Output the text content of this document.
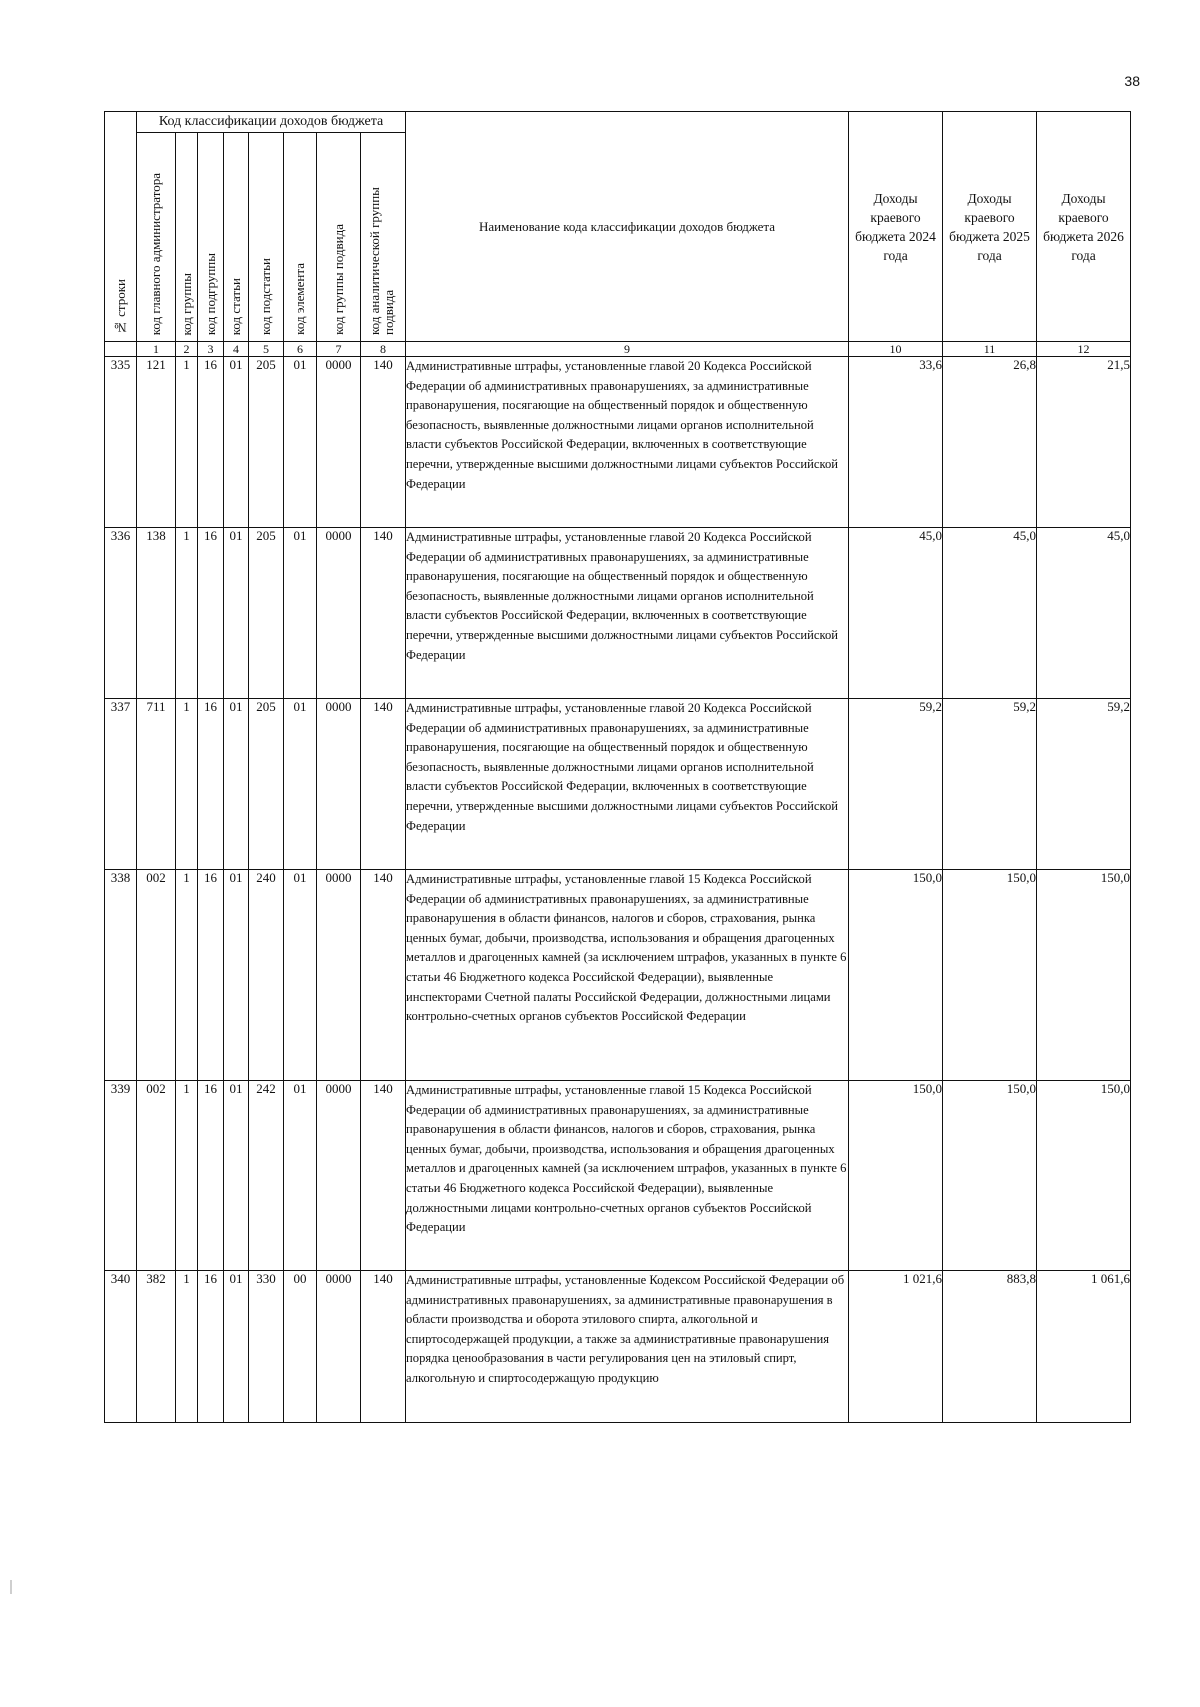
38
№ строки	Код классификации доходов бюджета								Наименование кода классификации доходов бюджета	Доходы краевого бюджета 2024 года	Доходы краевого бюджета 2025 года	Доходы краевого бюджета 2026 года

	код главного администратора	код группы	код подгруппы	код статьи	код подстатьи	код элемента	код группы подвида	код аналитической группы подвида				

	1	2	3	4	5	6	7	8	9	10	11	12
335	121	1	16	01	205	01	0000	140	Административные штрафы, установленные главой 20 Кодекса Российской Федерации об административных правонарушениях, за административные правонарушения, посягающие на общественный порядок и общественную безопасность, выявленные должностными лицами органов исполнительной власти субъектов Российской Федерации, включенных в соответствующие перечни, утвержденные высшими должностными лицами субъектов Российской Федерации	33,6	26,8	21,5
336	138	1	16	01	205	01	0000	140	Административные штрафы, установленные главой 20 Кодекса Российской Федерации об административных правонарушениях, за административные правонарушения, посягающие на общественный порядок и общественную безопасность, выявленные должностными лицами органов исполнительной власти субъектов Российской Федерации, включенных в соответствующие перечни, утвержденные высшими должностными лицами субъектов Российской Федерации	45,0	45,0	45,0
337	711	1	16	01	205	01	0000	140	Административные штрафы, установленные главой 20 Кодекса Российской Федерации об административных правонарушениях, за административные правонарушения, посягающие на общественный порядок и общественную безопасность, выявленные должностными лицами органов исполнительной власти субъектов Российской Федерации, включенных в соответствующие перечни, утвержденные высшими должностными лицами субъектов Российской Федерации	59,2	59,2	59,2
338	002	1	16	01	240	01	0000	140	Административные штрафы, установленные главой 15 Кодекса Российской Федерации об административных правонарушениях, за административные правонарушения в области финансов, налогов и сборов, страхования, рынка ценных бумаг, добычи, производства, использования и обращения драгоценных металлов и драгоценных камней (за исключением штрафов, указанных в пункте 6 статьи 46 Бюджетного кодекса Российской Федерации), выявленные инспекторами Счетной палаты Российской Федерации, должностными лицами контрольно-счетных органов субъектов Российской Федерации	150,0	150,0	150,0
339	002	1	16	01	242	01	0000	140	Административные штрафы, установленные главой 15 Кодекса Российской Федерации об административных правонарушениях, за административные правонарушения в области финансов, налогов и сборов, страхования, рынка ценных бумаг, добычи, производства, использования и обращения драгоценных металлов и драгоценных камней (за исключением штрафов, указанных в пункте 6 статьи 46 Бюджетного кодекса Российской Федерации), выявленные должностными лицами контрольно-счетных органов субъектов Российской Федерации	150,0	150,0	150,0
340	382	1	16	01	330	00	0000	140	Административные штрафы, установленные Кодексом Российской Федерации об административных правонарушениях, за административные правонарушения в области производства и оборота этилового спирта, алкогольной и спиртосодержащей продукции, а также за административные правонарушения порядка ценообразования в части регулирования цен на этиловый спирт, алкогольную и спиртосодержащую продукцию	1 021,6	883,8	1 061,6
